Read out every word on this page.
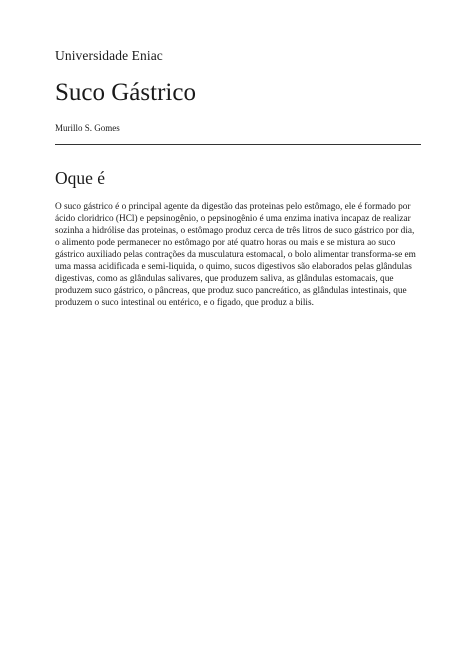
Universidade Eniac

Suco Gástrico

Murillo S. Gomes

Oque é

O suco gástrico é o principal agente da digestão das proteinas pelo estômago, ele é formado por ácido cloridrico (HCl) e pepsinogênio, o pepsinogênio é uma enzima inativa incapaz de realizar sozinha a hidrólise das proteinas, o estômago produz cerca de três litros de suco gástrico por dia, o alimento pode permanecer no estômago por até quatro horas ou mais e se mistura ao suco gástrico auxiliado pelas contrações da musculatura estomacal, o bolo alimentar transforma-se em uma massa acidificada e semi-liquida, o quimo, sucos digestivos são elaborados pelas glândulas digestivas, como as glândulas salivares, que produzem saliva, as glândulas estomacais, que produzem suco gástrico, o pâncreas, que produz suco pancreático, as glândulas intestinais, que produzem o suco intestinal ou entérico, e o figado, que produz a bilis.
